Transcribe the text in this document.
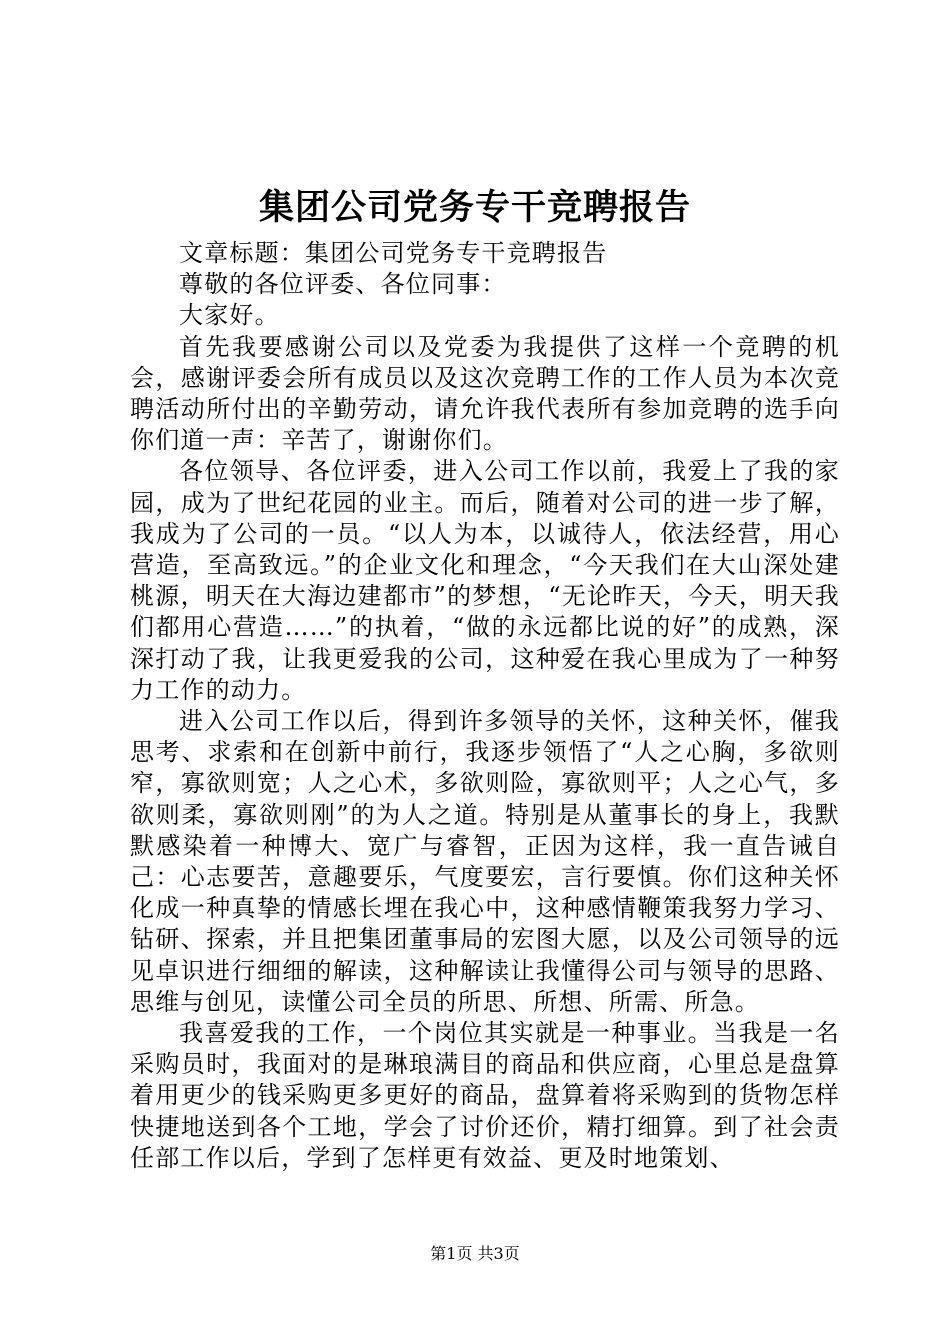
集团公司党务专干竞聘报告

文章标题：集团公司党务专干竞聘报告

尊敬的各位评委、各位同事：

大家好。

首先我要感谢公司以及党委为我提供了这样一个竞聘的机会，感谢评委会所有成员以及这次竞聘工作的工作人员为本次竞聘活动所付出的辛勤劳动，请允许我代表所有参加竞聘的选手向你们道一声：辛苦了，谢谢你们。

各位领导、各位评委，进入公司工作以前，我爱上了我的家园，成为了世纪花园的业主。而后，随着对公司的进一步了解，我成为了公司的一员。“以人为本，以诚待人，依法经营，用心营造，至高致远。”的企业文化和理念，“今天我们在大山深处建桃源，明天在大海边建都市”的梦想，“无论昨天，今天，明天我们都用心营造……”的执着，“做的永远都比说的好”的成熟，深深打动了我，让我更爱我的公司，这种爱在我心里成为了一种努力工作的动力。

进入公司工作以后，得到许多领导的关怀，这种关怀，催我思考、求索和在创新中前行，我逐步领悟了“人之心胸，多欲则窄，寡欲则宽；人之心术，多欲则险，寡欲则平；人之心气，多欲则柔，寡欲则刚”的为人之道。特别是从董事长的身上，我默默感染着一种博大、宽广与睿智，正因为这样，我一直告诫自己：心志要苦，意趣要乐，气度要宏，言行要慎。你们这种关怀化成一种真挚的情感长埋在我心中，这种感情鞭策我努力学习、钻研、探索，并且把集团董事局的宏图大愿，以及公司领导的远见卓识进行细细的解读，这种解读让我懂得公司与领导的思路、思维与创见，读懂公司全员的所思、所想、所需、所急。

我喜爱我的工作，一个岗位其实就是一种事业。当我是一名采购员时，我面对的是琳琅满目的商品和供应商，心里总是盘算着用更少的钱采购更多更好的商品，盘算着将采购到的货物怎样快捷地送到各个工地，学会了讨价还价，精打细算。到了社会责任部工作以后，学到了怎样更有效益、更及时地策划、

第1页 共3页
